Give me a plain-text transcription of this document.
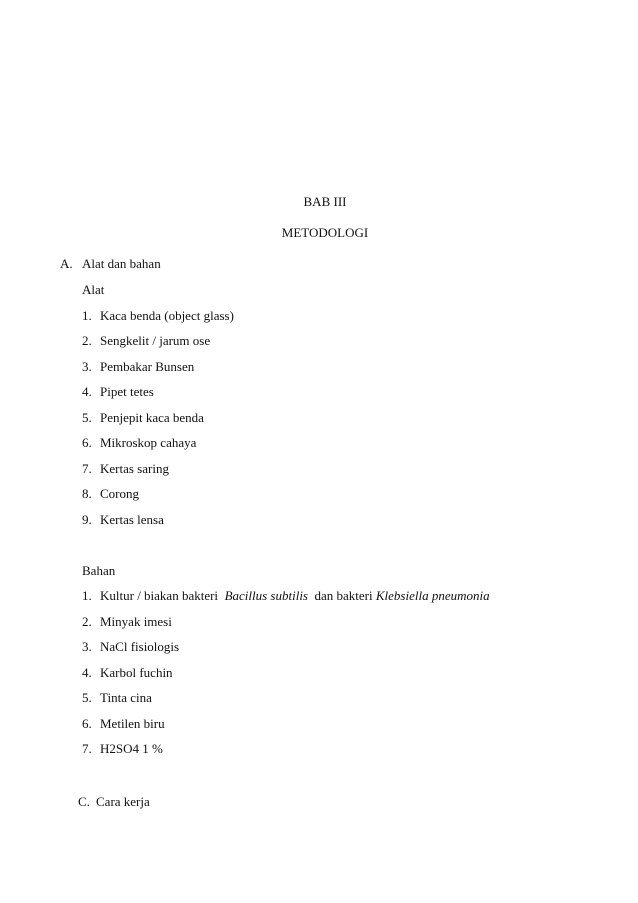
BAB III
METODOLOGI
A. Alat dan bahan
Alat
1. Kaca benda (object glass)
2. Sengkelit / jarum ose
3. Pembakar Bunsen
4. Pipet tetes
5. Penjepit kaca benda
6. Mikroskop cahaya
7. Kertas saring
8. Corong
9. Kertas lensa
Bahan
1. Kultur / biakan bakteri Bacillus subtilis dan bakteri Klebsiella pneumonia
2. Minyak imesi
3. NaCl fisiologis
4. Karbol fuchin
5. Tinta cina
6. Metilen biru
7. H2SO4 1 %
C. Cara kerja
